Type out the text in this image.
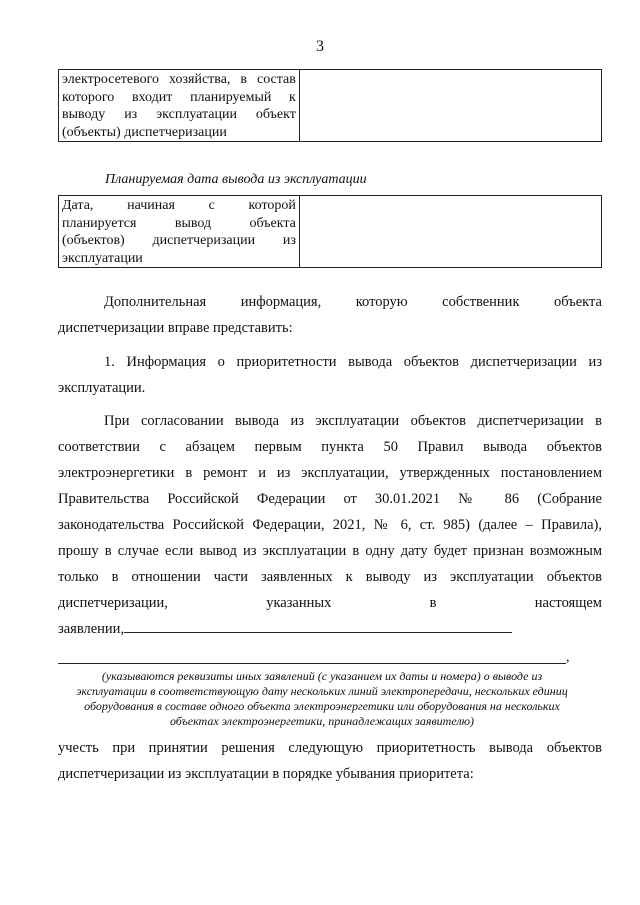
3
электросетевого хозяйства, в состав
которого входит планируемый к
выводу из эксплуатации объект
(объекты) диспетчеризации

Планируемая дата вывода из эксплуатации
Дата, начиная с которой
планируется вывод объекта
(объектов) диспетчеризации из
эксплуатации

Дополнительная информация, которую собственник объекта
диспетчеризации вправе представить:
1. Информация о приоритетности вывода объектов диспетчеризации из
эксплуатации.
При согласовании вывода из эксплуатации объектов диспетчеризации в
соответствии с абзацем первым пункта 50 Правил вывода объектов
электроэнергетики в ремонт и из эксплуатации, утвержденных постановлением
Правительства Российской Федерации от 30.01.2021 № 86 (Собрание
законодательства Российской Федерации, 2021, № 6, ст. 985) (далее – Правила),
прошу в случае если вывод из эксплуатации в одну дату будет признан возможным
только в отношении части заявленных к выводу из эксплуатации объектов
диспетчеризации, указанных в настоящем
заявлении,
,
(указываются реквизиты иных заявлений (с указанием их даты и номера) о выводе из
эксплуатации в соответствующую дату нескольких линий электропередачи, нескольких единиц
оборудования в составе одного объекта электроэнергетики или оборудования на нескольких
объектах электроэнергетики, принадлежащих заявителю)
учесть при принятии решения следующую приоритетность вывода объектов
диспетчеризации из эксплуатации в порядке убывания приоритета:
